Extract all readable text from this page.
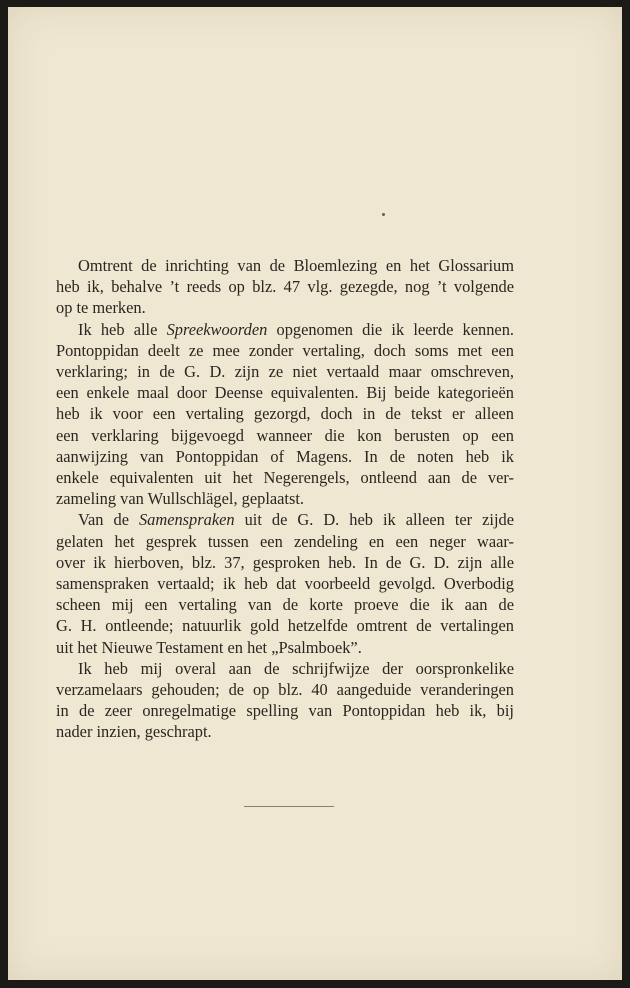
Omtrent de inrichting van de Bloemlezing en het Glossarium
heb ik, behalve ’t reeds op blz. 47 vlg. gezegde, nog ’t volgende
op te merken.
Ik heb alle Spreekwoorden opgenomen die ik leerde kennen.
Pontoppidan deelt ze mee zonder vertaling, doch soms met een
verklaring; in de G. D. zijn ze niet vertaald maar omschreven,
een enkele maal door Deense equivalenten. Bij beide kategorieën
heb ik voor een vertaling gezorgd, doch in de tekst er alleen
een verklaring bijgevoegd wanneer die kon berusten op een
aanwijzing van Pontoppidan of Magens. In de noten heb ik
enkele equivalenten uit het Negerengels, ontleend aan de ver-
zameling van Wullschlägel, geplaatst.
Van de Samenspraken uit de G. D. heb ik alleen ter zijde
gelaten het gesprek tussen een zendeling en een neger waar-
over ik hierboven, blz. 37, gesproken heb. In de G. D. zijn alle
samenspraken vertaald; ik heb dat voorbeeld gevolgd. Overbodig
scheen mij een vertaling van de korte proeve die ik aan de
G. H. ontleende; natuurlik gold hetzelfde omtrent de vertalingen
uit het Nieuwe Testament en het „Psalmboek”.
Ik heb mij overal aan de schrijfwijze der oorspronkelike
verzamelaars gehouden; de op blz. 40 aangeduide veranderingen
in de zeer onregelmatige spelling van Pontoppidan heb ik, bij
nader inzien, geschrapt.
